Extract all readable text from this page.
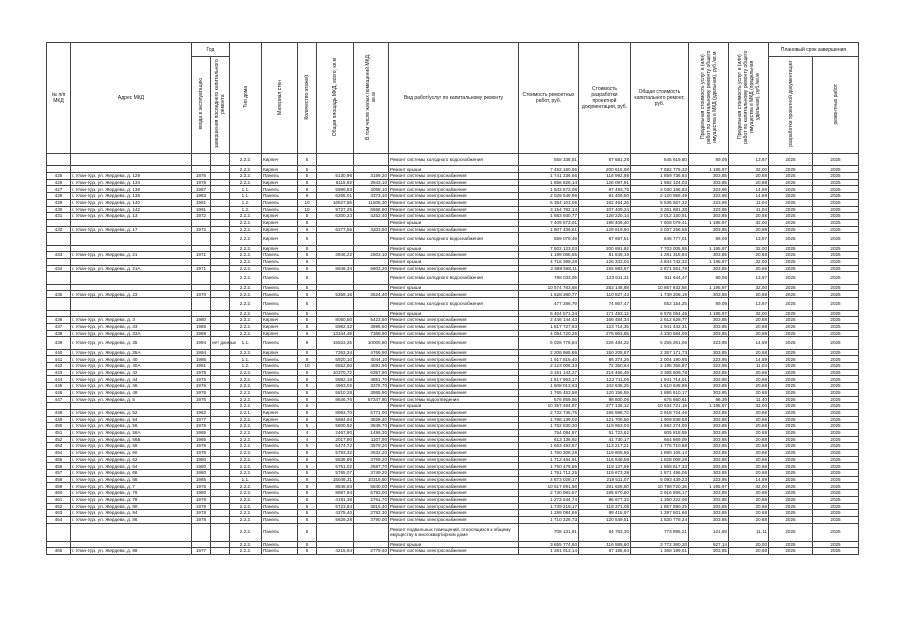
№ п/п МКД	Адрес МКД	Год		Тип дома	Материал стен	Количество этажей	Общая площадь МКД, всего, кв.м	В том числе жилых помещений МКД, кв.м	Вид работ/услуг по капитальному ремонту	Стоимость ремонтных работ, руб.	Стоимость разработки проектной документации, руб.	Общая стоимость капитального ремонт, руб.	Предельная стоимость услуг и (или) работ по капитальному ремонту общего имущества в МКД (удельная), руб./кв.м	Предельная стоимость услуг и (или) работ по капитальному ремонту общего имущества в МКД (предельная удельная), руб./кв.м	Плановый срок завершения	
		ввода в эксплуатацию	завершения последнего капитального ремонта												разработки проектной документации	ремонтных работ
				2.2.2.	Кирпич	5			Ремонт системы холодного водоснабжения	558 338,51	87 581,28	645 919,80	89,06	13,97	2025	2025
				2.2.2.	Кирпич	5			Ремонт крыши	7 492 160,65	200 615,68	7 692 776,33	1 195,97	32,00	2025	2025
425	г. Улан-Удэ, ул. Жердева, д. 129	1976		2.2.2.	Панель	5	5130,96	3199,20	Ремонт системы электроснабжения	1 741 236,66	118 992,98	1 859 736,64	303,85	20,68	2025	2025
426	г. Улан-Удэ, ул. Жердева, д. 134	1976		2.2.2.	Кирпич	5	6116,92	3943,10	Ремонт системы электроснабжения	1 856 826,14	126 097,91	1 982 124,03	303,85	20,68	2025	2025
427	г. Улан-Удэ, ул. Жердева, д. 136	1987		1.1.	Панель	9	5996,83	4058,10	Ремонт системы электроснабжения	1 942 673,08	87 493,75	2 030 166,83	323,95	14,59	2025	2025
428	г. Улан-Удэ, ул. Жердева, д. 138	1983		1.1.	Панель	9	6265,01	4373,10	Ремонт системы электроснабжения	2 029 549,99	91 406,50	2 120 956,49	323,95	14,59	2025	2025
429	г. Улан-Удэ, ул. Жердева, д. 140	1991		1.2.	Панель	10	16527,56	11506,30	Ремонт системы электроснабжения	5 354 103,06	182 464,26	5 536 567,32	323,95	11,04	2025	2025
430	г. Улан-Удэ, ул. Жердева, д. 142	1991		1.2.	Панель	10	9727,25	6666,60	Ремонт системы электроснабжения	3 154 782,14	107 409,24	3 261 881,38	323,95	11,04	2025	2025
431	г. Улан-Удэ, ул. Жердева, д. 13	1972		2.2.2.	Кирпич	5	6200,23	4252,40	Ремонт системы электроснабжения	1 883 930,77	128 220,14	2 012 150,91	303,85	20,68	2025	2025
				2.2.2.	Кирпич	5			Ремонт крыши	7 409 673,01	198 406,40	7 608 079,41	1 195,97	32,00	2025	2025
432	г. Улан-Удэ, ул. Жердева, д. 17	1972		2.2.2.	Кирпич	5	6277,56	4203,50	Ремонт системы электроснабжения	1 907 436,61	129 819,94	2 037 256,55	303,85	20,68	2025	2025
				2.2.2.	Кирпич	5			Ремонт системы холодного водоснабжения	559 079,49	87 697,51	646 777,01	89,06	13,97	2025	2025
				2.2.2.	Кирпич	5			Ремонт крыши	7 502 123,03	200 881,92	7 703 005,95	1 195,97	32,00	2025	2025
433	г. Улан-Удэ, ул. Жердева, д. 21	1971		2.2.2.	Панель	5	3946,22	2603,10	Ремонт системы электроснабжения	1 199 066,85	81 649,19	1 281 315,84	303,85	20,68	2025	2025
				2.2.2.	Панель	5			Ремонт крыши	4 718 399,28	126 343,04	4 844 742,32	1 195,97	32,00	2025	2025
434	г. Улан-Удэ, ул. Жердева, д. 21А	1971		2.2.2.	Панель	5	8848,34	5603,20	Ремонт системы электроснабжения	2 688 568,11	182 983,67	2 871 551,78	303,85	20,68	2025	2025
				2.2.2.	Панель	5			Ремонт системы холодного водоснабжения	788 033,06	123 611,31	911 644,47	89,06	13,97	2025	2025
				2.2.2.	Панель	5			Ремонт крыши	10 574 783,68	283 148,88	10 857 932,56	1 195,97	32,00	2025	2025
435	г. Улан-Удэ, ул. Жердева, д. 23	1970		2.2.2.	Панель	5	5359,16	3524,40	Ремонт системы электроснабжения	1 628 380,77	110 827,43	1 739 208,19	303,85	20,68	2025	2025
				2.2.2.	Панель	5			Ремонт системы холодного водоснабжения	477 286,79	74 867,47	552 154,25	89,06	13,97	2025	2025
				2.2.2.	Панель	5			Ремонт крыши	6 404 571,34	171 493,12	6 576 064,46	1 195,97	32,00	2025	2025
436	г. Улан-Удэ, ул. Жердева, д. 3	1980		2.2.2.	Кирпич	5	8050,50	5423,50	Ремонт системы электроснабжения	2 446 144,43	166 484,34	2 612 628,77	303,85	20,68	2025	2025
437	г. Улан-Удэ, ул. Жердева, д. 33	1988		2.2.2.	Кирпич	5	5982,32	3895,50	Ремонт системы электроснабжения	1 817 727,93	123 714,35	1 941 442,31	303,85	20,68	2025	2025
438	г. Улан-Удэ, ул. Жердева, д. 33А	1989		2.2.2.	Кирпич	5	13344,48	7369,90	Ремонт системы электроснабжения	4 054 720,25	275 963,85	4 330 684,09	303,85	20,68	2025	2025
439	г. Улан-Удэ, ул. Жердева, д. 35	1994	нет данных	1.1.	Панель	9	15523,25	10000,50	Ремонт системы электроснабжения	5 028 776,84	226 484,22	5 255 261,06	323,95	14,59	2025	2025
440	г. Улан-Удэ, ул. Жердева, д. 35А	1994		2.2.2.	Кирпич	5	7263,34	4766,90	Ремонт системы электроснабжения	2 206 965,86	150 205,87	2 357 171,73	303,85	20,68	2025	2025
441	г. Улан-Удэ, ул. Жердева, д. 40	1986		1.1.	Панель	9	5920,10	4044,10	Ремонт системы электроснабжения	1 917 816,40	86 374,26	2 004 190,65	323,95	14,59	2025	2025
442	г. Улан-Удэ, ул. Жердева, д. 40А	1991		1.2.	Панель	10	6552,50	4591,90	Ремонт системы электроснабжения	2 123 006,33	72 350,64	2 195 356,97	323,95	11,04	2025	2025
443	г. Улан-Удэ, ул. Жердева, д. 42	1975		2.2.2.	Панель	5	10370,72	6357,90	Ремонт системы электроснабжения	3 151 143,27	214 466,49	3 365 609,76	303,85	20,68	2025	2025
444	г. Улан-Удэ, ул. Жердева, д. 44	1975		2.2.2.	Панель	5	5982,16	3851,70	Ремонт системы электроснабжения	1 817 963,17	123 711,05	1 941 714,01	303,85	20,68	2025	2025
445	г. Улан-Удэ, ул. Жердева, д. 46	1976		2.2.2.	Панель	5	4963,02	3276,70	Ремонт системы электроснабжения	1 508 013,63	102 635,25	1 610 648,88	303,85	20,68	2025	2025
446	г. Улан-Удэ, ул. Жердева, д. 48	1976		2.2.2.	Панель	5	5810,28	3865,90	Ремонт системы электроснабжения	1 765 453,58	120 156,59	1 885 610,17	303,85	20,68	2025	2025
447	г. Улан-Удэ, ул. Жердева, д. 5	1976		2.2.2.	Панель	5	8646,76	57347,80	Ремонт системы водоотведения	576 859,55	98 800,06	675 660,61	66,36	11,40	2025	2025
				2.2.2.	Панель	5			Ремонт крыши	10 357 484,87	277 136,12	10 634 721,19	1 195,97	32,00	2025	2025
448	г. Улан-Удэ, ул. Жердева, д. 52	1962		2.2.1.	Кирпич	5	8993,70	5771,00	Ремонт системы электроснабжения	2 732 735,75	185 988,72	2 918 724,46	303,85	20,68	2025	2025
449	г. Улан-Удэ, ул. Жердева, д. 54	1977		2.2.2.	Кирпич	5	5884,94	3828,40	Ремонт системы электроснабжения	1 788 139,02	121 700,56	1 909 839,58	303,85	20,68	2025	2025
450	г. Улан-Удэ, ул. Жердева, д. 56	1976		2.2.2.	Панель	5	5800,92	3849,70	Ремонт системы электроснабжения	1 762 630,30	119 963,03	1 882 274,00	303,85	20,68	2025	2025
451	г. Улан-Удэ, ул. Жердева, д. 56А	1965		2.2.2.	Панель	4	2467,80	1496,30	Ремонт системы электроснабжения	754 094,97	51 723,62	805 818,59	303,85	20,68	2025	2025
452	г. Улан-Удэ, ул. Жердева, д. 56Б	1965		2.2.2.	Панель	4	2017,90	1107,90	Ремонт системы электроснабжения	613 136,92	41 730,17	654 869,09	303,85	20,68	2025	2025
453	г. Улан-Удэ, ул. Жердева, д. 58	1976		2.2.2.	Панель	5	5474,72	3579,20	Ремонт системы электроснабжения	1 663 493,67	113 217,21	1 776 710,88	303,85	20,68	2025	2025
454	г. Улан-Удэ, ул. Жердева, д. 60	1976		2.2.2.	Панель	5	5793,32	3632,20	Ремонт системы электроснабжения	1 760 308,28	119 805,86	1 880 106,14	303,85	20,68	2025	2025
455	г. Улан-Удэ, ул. Жердева, д. 62	1980		2.2.2.	Панель	5	5635,86	3759,20	Ремонт системы электроснабжения	1 712 464,91	116 549,58	1 828 008,29	303,85	20,68	2025	2025
456	г. Улан-Удэ, ул. Жердева, д. 64	1980		2.2.2.	Панель	5	5761,02	3687,70	Ремонт системы электроснабжения	1 750 479,85	119 137,89	1 869 617,33	303,85	20,68	2025	2025
457	г. Улан-Удэ, ул. Жердева, д. 66	1980		2.2.2.	Панель	5	5765,07	3749,20	Ремонт системы электроснабжения	1 751 712,25	119 673,39	1 871 496,06	303,85	20,68	2025	2025
458	г. Улан-Удэ, ул. Жердева, д. 68	1985		1.1.	Панель	9	15046,31	10316,50	Ремонт системы электроснабжения	4 873 028,17	219 511,07	5 093 439,23	323,95	14,59	2025	2025
459	г. Улан-Удэ, ул. Жердева, д. 7	1976		2.2.2.	Панель	5	8846,93	5840,00	Ремонт системы электроснабжения	10 517 091,56	281 628,80	10 798 720,36	1 195,97	32,00	2025	2025
460	г. Улан-Удэ, ул. Жердева, д. 76	1980		2.2.2.	Панель	5	8987,94	5793,00	Ремонт системы электроснабжения	2 730 983,57	185 870,60	2 916 856,17	303,85	20,68	2025	2025
461	г. Улан-Удэ, ул. Жердева, д. 78	1978		2.2.2.	Панель	5	4191,36	2761,70	Ремонт системы электроснабжения	1 273 544,74	86 677,32	1 360 222,06	303,85	20,68	2025	2025
462	г. Улан-Удэ, ул. Жердева, д. 80	1978		2.2.2.	Панель	5	5723,84	3815,40	Ремонт системы электроснабжения	1 739 219,17	118 371,08	1 857 590,25	303,85	20,68	2025	2025
463	г. Улан-Удэ, ул. Жердева, д. 84	1978		2.2.2.	Панель	5	4275,40	2782,30	Ремонт системы электроснабжения	1 299 084,69	88 416,97	1 387 501,66	303,85	20,68	2025	2025
464	г. Улан-Удэ, ул. Жердева, д. 86	1978		2.2.2.	Панель	5	5629,28	3790,00	Ремонт системы электроснабжения	1 710 226,73	120 549,51	1 830 776,24	303,85	20,68	2025	2025
				2.2.2.	Панель	5			Ремонт подвальных помещений, относящихся к общему имуществу в многоквартирном доме	709 131,91	64 763,30	773 895,21	121,65	11,11	2025	2025
				2.2.2.	Панель	5			Ремонт крыши	3 655 774,60	116 585,60	3 772 360,20	627,14	20,00	2025	2025
465	г. Улан-Удэ, ул. Жердева, д. 88	1977		2.2.2.	Панель	5	4215,94	2779,40	Ремонт системы электроснабжения	1 281 013,14	87 185,64	1 368 199,01	303,85	20,68	2025	2025
